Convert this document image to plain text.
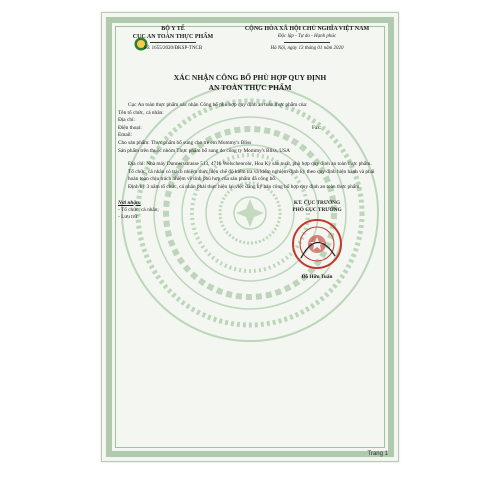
BỘ Y TẾ
CỤC AN TOÀN THỰC PHẨM
Số: 1655/2020/ĐKSP-TNCB
CỘNG HÒA XÃ HỘI CHỦ NGHĨA VIỆT NAM
Độc lập - Tự do - Hạnh phúc
Hà Nội, ngày 13 tháng 01 năm 2020
XÁC NHẬN CÔNG BỐ PHÙ HỢP QUY ĐỊNH
AN TOÀN THỰC PHẨM
Cục An toàn thực phẩm xác nhận Công bố phù hợp quy định an toàn thực phẩm của:
Tên tổ chức, cá nhân:
Địa chỉ:
Điện thoại:	Fax:
Email:
Cho sản phẩm: Thực phẩm bổ sung cho trẻ em Mommy's Bliss
Sản phẩm trên thuộc nhóm Thực phẩm bổ sung do công ty Mommy's Bliss, USA
Địa chỉ: Nhà máy Dunnersstrasse 513, 4716 Welschenrohr, Hoa Kỳ sản xuất, phù hợp quy định an toàn thực phẩm.
Tổ chức, cá nhân có trách nhiệm thực hiện chế độ kiểm tra và kiểm nghiệm định kỳ theo quy định hiện hành và phải hoàn toàn chịu trách nhiệm về tính phù hợp của sản phẩm đã công bố.
Định kỳ 3 năm tổ chức, cá nhân phải thực hiện lại việc đăng ký bản công bố hợp quy định an toàn thực phẩm.
Nơi nhận:
- Tổ chức, cá nhân;
- Lưu trữ.
KT. CỤC TRƯỞNG
PHÓ CỤC TRƯỞNG
Đỗ Hữu Tuấn
Trang 1
